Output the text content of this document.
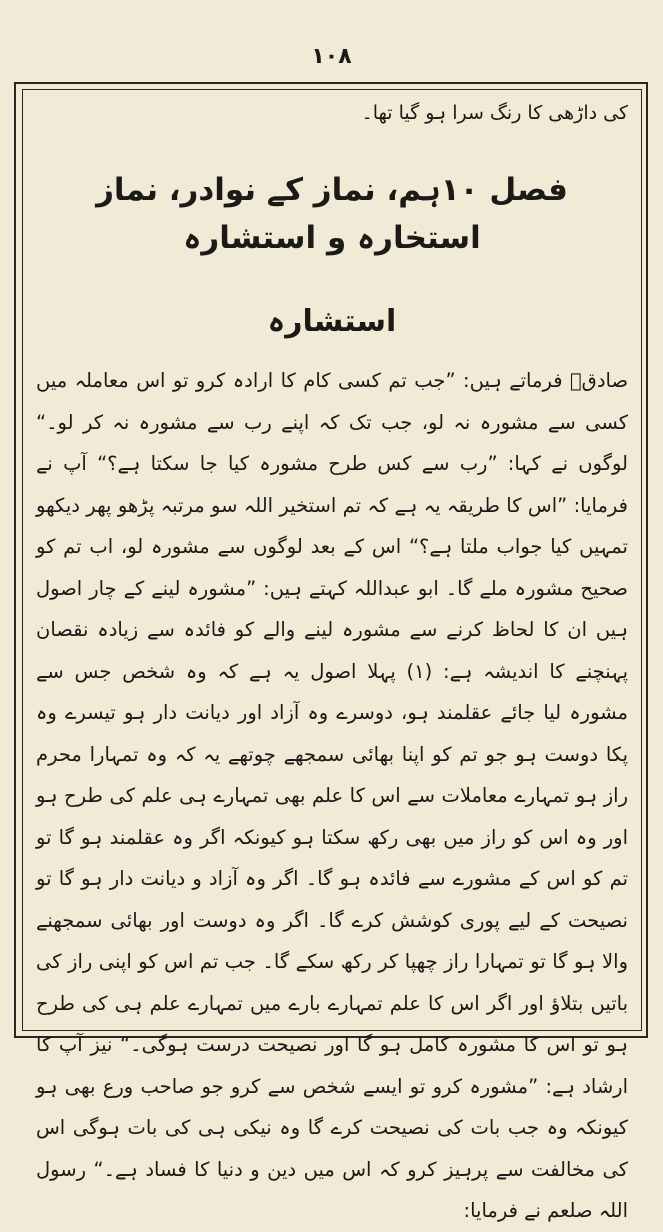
۱۰۸

کی داڑھی کا رنگ سرا ہو گیا تھا۔

فصل ۱۰ہم، نماز کے نوادر، نماز استخارہ و استشارہ
استشارہ

صادقؑ فرماتے ہیں: ”جب تم کسی کام کا ارادہ کرو تو اس معاملہ میں کسی سے مشورہ نہ لو، جب تک کہ اپنے رب سے مشورہ نہ کر لو۔“ لوگوں نے کہا: ”رب سے کس طرح مشورہ کیا جا سکتا ہے؟“ آپ نے فرمایا: ”اس کا طریقہ یہ ہے کہ تم استخیر اللہ سو مرتبہ پڑھو پھر دیکھو تمہیں کیا جواب ملتا ہے؟“ اس کے بعد لوگوں سے مشورہ لو، اب تم کو صحیح مشورہ ملے گا۔ ابو عبداللہ کہتے ہیں: ”مشورہ لینے کے چار اصول ہیں ان کا لحاظ کرنے سے مشورہ لینے والے کو فائدہ سے زیادہ نقصان پہنچنے کا اندیشہ ہے: (۱) پہلا اصول یہ ہے کہ وہ شخص جس سے مشورہ لیا جائے عقلمند ہو، دوسرے وہ آزاد اور دیانت دار ہو تیسرے وہ پکا دوست ہو جو تم کو اپنا بھائی سمجھے چوتھے یہ کہ وہ تمہارا محرم راز ہو تمہارے معاملات سے اس کا علم بھی تمہارے ہی علم کی طرح ہو اور وہ اس کو راز میں بھی رکھ سکتا ہو کیونکہ اگر وہ عقلمند ہو گا تو تم کو اس کے مشورے سے فائدہ ہو گا۔ اگر وہ آزاد و دیانت دار ہو گا تو نصیحت کے لیے پوری کوشش کرے گا۔ اگر وہ دوست اور بھائی سمجھنے والا ہو گا تو تمہارا راز چھپا کر رکھ سکے گا۔ جب تم اس کو اپنی راز کی باتیں بتلاؤ اور اگر اس کا علم تمہارے بارے میں تمہارے علم ہی کی طرح ہو تو اس کا مشورہ کامل ہو گا اور نصیحت درست ہوگی۔“ نیز آپ کا ارشاد ہے: ”مشورہ کرو تو ایسے شخص سے کرو جو صاحب ورع بھی ہو کیونکہ وہ جب بات کی نصیحت کرے گا وہ نیکی ہی کی بات ہوگی اس کی مخالفت سے پرہیز کرو کہ اس میں دین و دنیا کا فساد ہے۔“ رسول اللہ صلعم نے فرمایا:
